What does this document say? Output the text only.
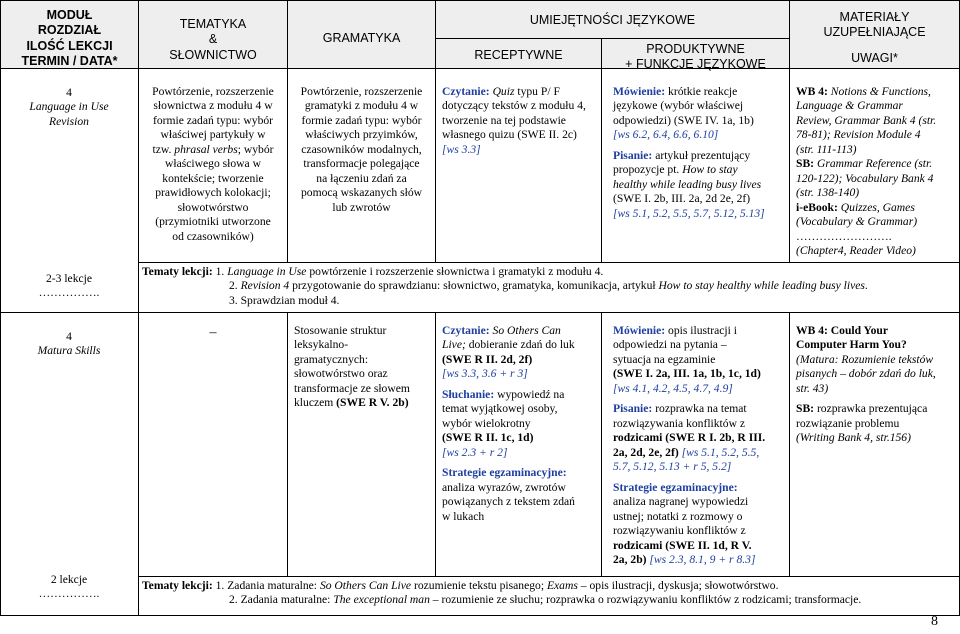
MODUŁ
ROZDZIAŁ
ILOŚĆ LEKCJI
TERMIN / DATA*
TEMATYKA
&
SŁOWNICTWO
GRAMATYKA
UMIEJĘTNOŚCI JĘZYKOWE
RECEPTYWNE	PRODUKTYWNE
+ FUNKCJE JĘZYKOWE
MATERIAŁY
UZUPEŁNIAJĄCE
UWAGI*
4
Language in Use
Revision
2-3 lekcje
…………….
Powtórzenie, rozszerzenie
słownictwa z modułu 4 w
formie zadań typu: wybór
właściwej partykuły w
tzw. phrasal verbs; wybór
właściwego słowa w
kontekście; tworzenie
prawidłowych kolokacji;
słowotwórstwo
(przymiotniki utworzone
od czasowników)
Powtórzenie, rozszerzenie
gramatyki z modułu 4 w
formie zadań typu: wybór
właściwych przyimków,
czasowników modalnych,
transformacje polegające
na łączeniu zdań za
pomocą wskazanych słów
lub zwrotów
Czytanie: Quiz typu P/ F
dotyczący tekstów z modułu 4,
tworzenie na tej podstawie
własnego quizu (SWE II. 2c)
[ws 3.3]
Mówienie: krótkie reakcje
językowe (wybór właściwej
odpowiedzi) (SWE IV. 1a, 1b)
[ws 6.2, 6.4, 6.6, 6.10]
Pisanie: artykuł prezentujący
propozycje pt. How to stay
healthy while leading busy lives
(SWE I. 2b, III. 2a, 2d 2e, 2f)
[ws 5.1, 5.2, 5.5, 5.7, 5.12, 5.13]
WB 4: Notions & Functions,
Language & Grammar
Review, Grammar Bank 4 (str.
78-81); Revision Module 4
(str. 111-113)
SB: Grammar Reference (str.
120-122); Vocabulary Bank 4
(str. 138-140)
i-eBook: Quizzes, Games
(Vocabulary & Grammar)
…………………….
(Chapter4, Reader Video)
Tematy lekcji: 1. Language in Use powtórzenie i rozszerzenie słownictwa i gramatyki z modułu 4.
2. Revision 4 przygotowanie do sprawdzianu: słownictwo, gramatyka, komunikacja, artykuł How to stay healthy while leading busy lives.
3. Sprawdzian moduł 4.
4
Matura Skills
2 lekcje
…………….
–	Stosowanie struktur
leksykalno-
gramatycznych:
słowotwórstwo oraz
transformacje ze słowem
kluczem (SWE R V. 2b)
Czytanie: So Others Can
Live; dobieranie zdań do luk
(SWE R II. 2d, 2f)
[ws 3.3, 3.6 + r 3]
Słuchanie: wypowiedź na
temat wyjątkowej osoby,
wybór wielokrotny
(SWE R II. 1c, 1d)
[ws 2.3 + r 2]
Strategie egzaminacyjne:
analiza wyrazów, zwrotów
powiązanych z tekstem zdań
w lukach
Mówienie: opis ilustracji i
odpowiedzi na pytania –
sytuacja na egzaminie
(SWE I. 2a, III. 1a, 1b, 1c, 1d)
[ws 4.1, 4.2, 4.5, 4.7, 4.9]
Pisanie: rozprawka na temat
rozwiązywania konfliktów z
rodzicami (SWE R I. 2b, R III.
2a, 2d, 2e, 2f) [ws 5.1, 5.2, 5.5,
5.7, 5.12, 5.13 + r 5, 5.2]
Strategie egzaminacyjne:
analiza nagranej wypowiedzi
ustnej; notatki z rozmowy o
rozwiązywaniu konfliktów z
rodzicami (SWE II. 1d, R V.
2a, 2b) [ws 2.3, 8.1, 9 + r 8.3]
WB 4: Could Your
Computer Harm You?
(Matura: Rozumienie tekstów
pisanych – dobór zdań do luk,
str. 43)
SB: rozprawka prezentująca
rozwiązanie problemu
(Writing Bank 4, str.156)
Tematy lekcji: 1. Zadania maturalne: So Others Can Live rozumienie tekstu pisanego; Exams – opis ilustracji, dyskusja; słowotwórstwo.
2. Zadania maturalne: The exceptional man – rozumienie ze słuchu; rozprawka o rozwiązywaniu konfliktów z rodzicami; transformacje.
8
